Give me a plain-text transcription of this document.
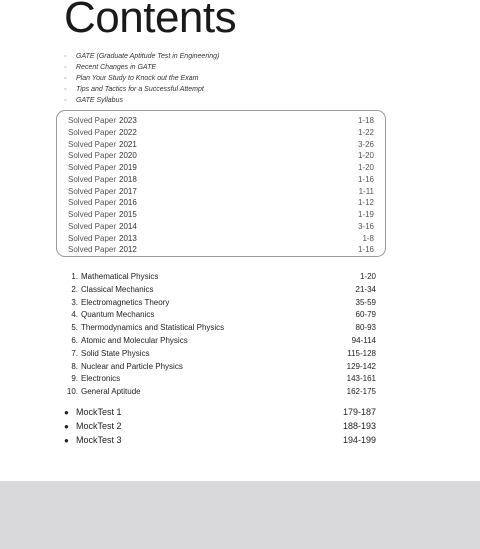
Contents
◦ GATE (Graduate Aptitude Test in Engineering)
◦ Recent Changes in GATE
◦ Plan Your Study to Knock out the Exam
◦ Tips and Tactics for a Successful Attempt
◦ GATE Syllabus
Solved Paper 2023	1-18
Solved Paper 2022	1-22
Solved Paper 2021	3-26
Solved Paper 2020	1-20
Solved Paper 2019	1-20
Solved Paper 2018	1-16
Solved Paper 2017	1-11
Solved Paper 2016	1-12
Solved Paper 2015	1-19
Solved Paper 2014	3-16
Solved Paper 2013	1-8
Solved Paper 2012	1-16
1. Mathematical Physics	1-20
2. Classical Mechanics	21-34
3. Electromagnetics Theory	35-59
4. Quantum Mechanics	60-79
5. Thermodynamics and Statistical Physics	80-93
6. Atomic and Molecular Physics	94-114
7. Solid State Physics	115-128
8. Nuclear and Particle Physics	129-142
9. Electronics	143-161
10. General Aptitude	162-175
● MockTest 1	179-187
● MockTest 2	188-193
● MockTest 3	194-199
